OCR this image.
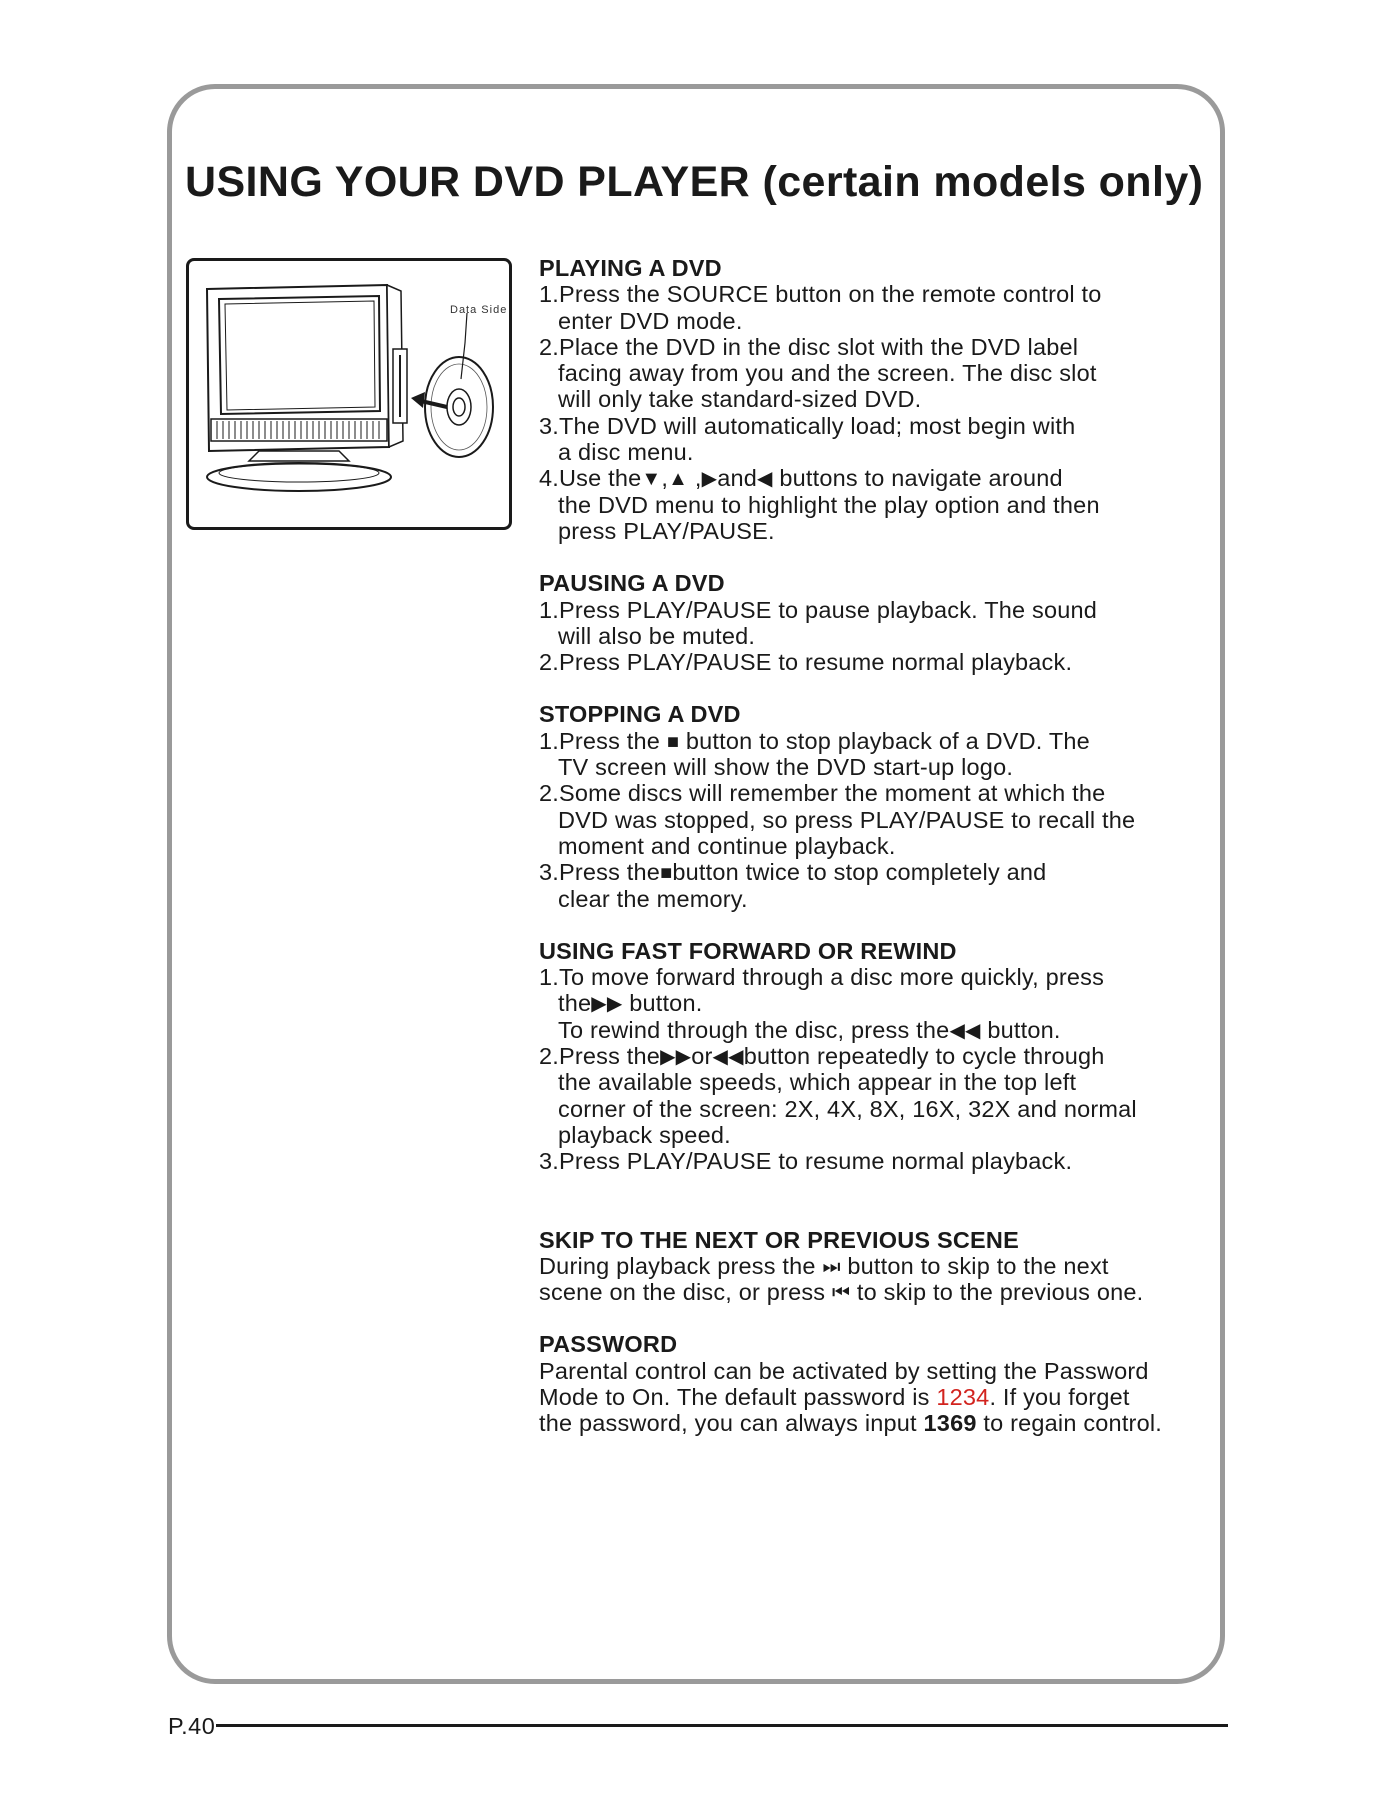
USING YOUR DVD PLAYER (certain models only)
Data Side

PLAYING A DVD

1.Press the SOURCE button on the remote control to

enter DVD mode.

2.Place the DVD in the disc slot with the DVD label

facing away from you and the screen. The disc slot

will only take standard-sized DVD.

3.The DVD will automatically load; most begin with

a disc menu.

4.Use the▼,▲ ,▶and◀ buttons to navigate around

the DVD menu to highlight the play option and then

press PLAY/PAUSE.

PAUSING A DVD

1.Press PLAY/PAUSE to pause playback. The sound

will also be muted.

2.Press PLAY/PAUSE to resume normal playback.

STOPPING A DVD

1.Press the ■ button to stop playback of a DVD. The

TV screen will show the DVD start-up logo.

2.Some discs will remember the moment at which the

DVD was stopped, so press PLAY/PAUSE to recall the

moment and continue playback.

3.Press the■button twice to stop completely and

clear the memory.

USING FAST FORWARD OR REWIND

1.To move forward through a disc more quickly, press

the▶▶ button.

To rewind through the disc, press the◀◀ button.

2.Press the▶▶or◀◀button repeatedly to cycle through

the available speeds, which appear in the top left

corner of the screen: 2X, 4X, 8X, 16X, 32X and normal

playback speed.

3.Press PLAY/PAUSE to resume normal playback.

SKIP TO THE NEXT OR PREVIOUS SCENE

During playback press the ⏭ button to skip to the next

scene on the disc, or press ⏮ to skip to the previous one.

PASSWORD

Parental control can be activated by setting the Password

Mode to On. The default password is 1234. If you forget

the password, you can always input 1369 to regain control.

P.40
